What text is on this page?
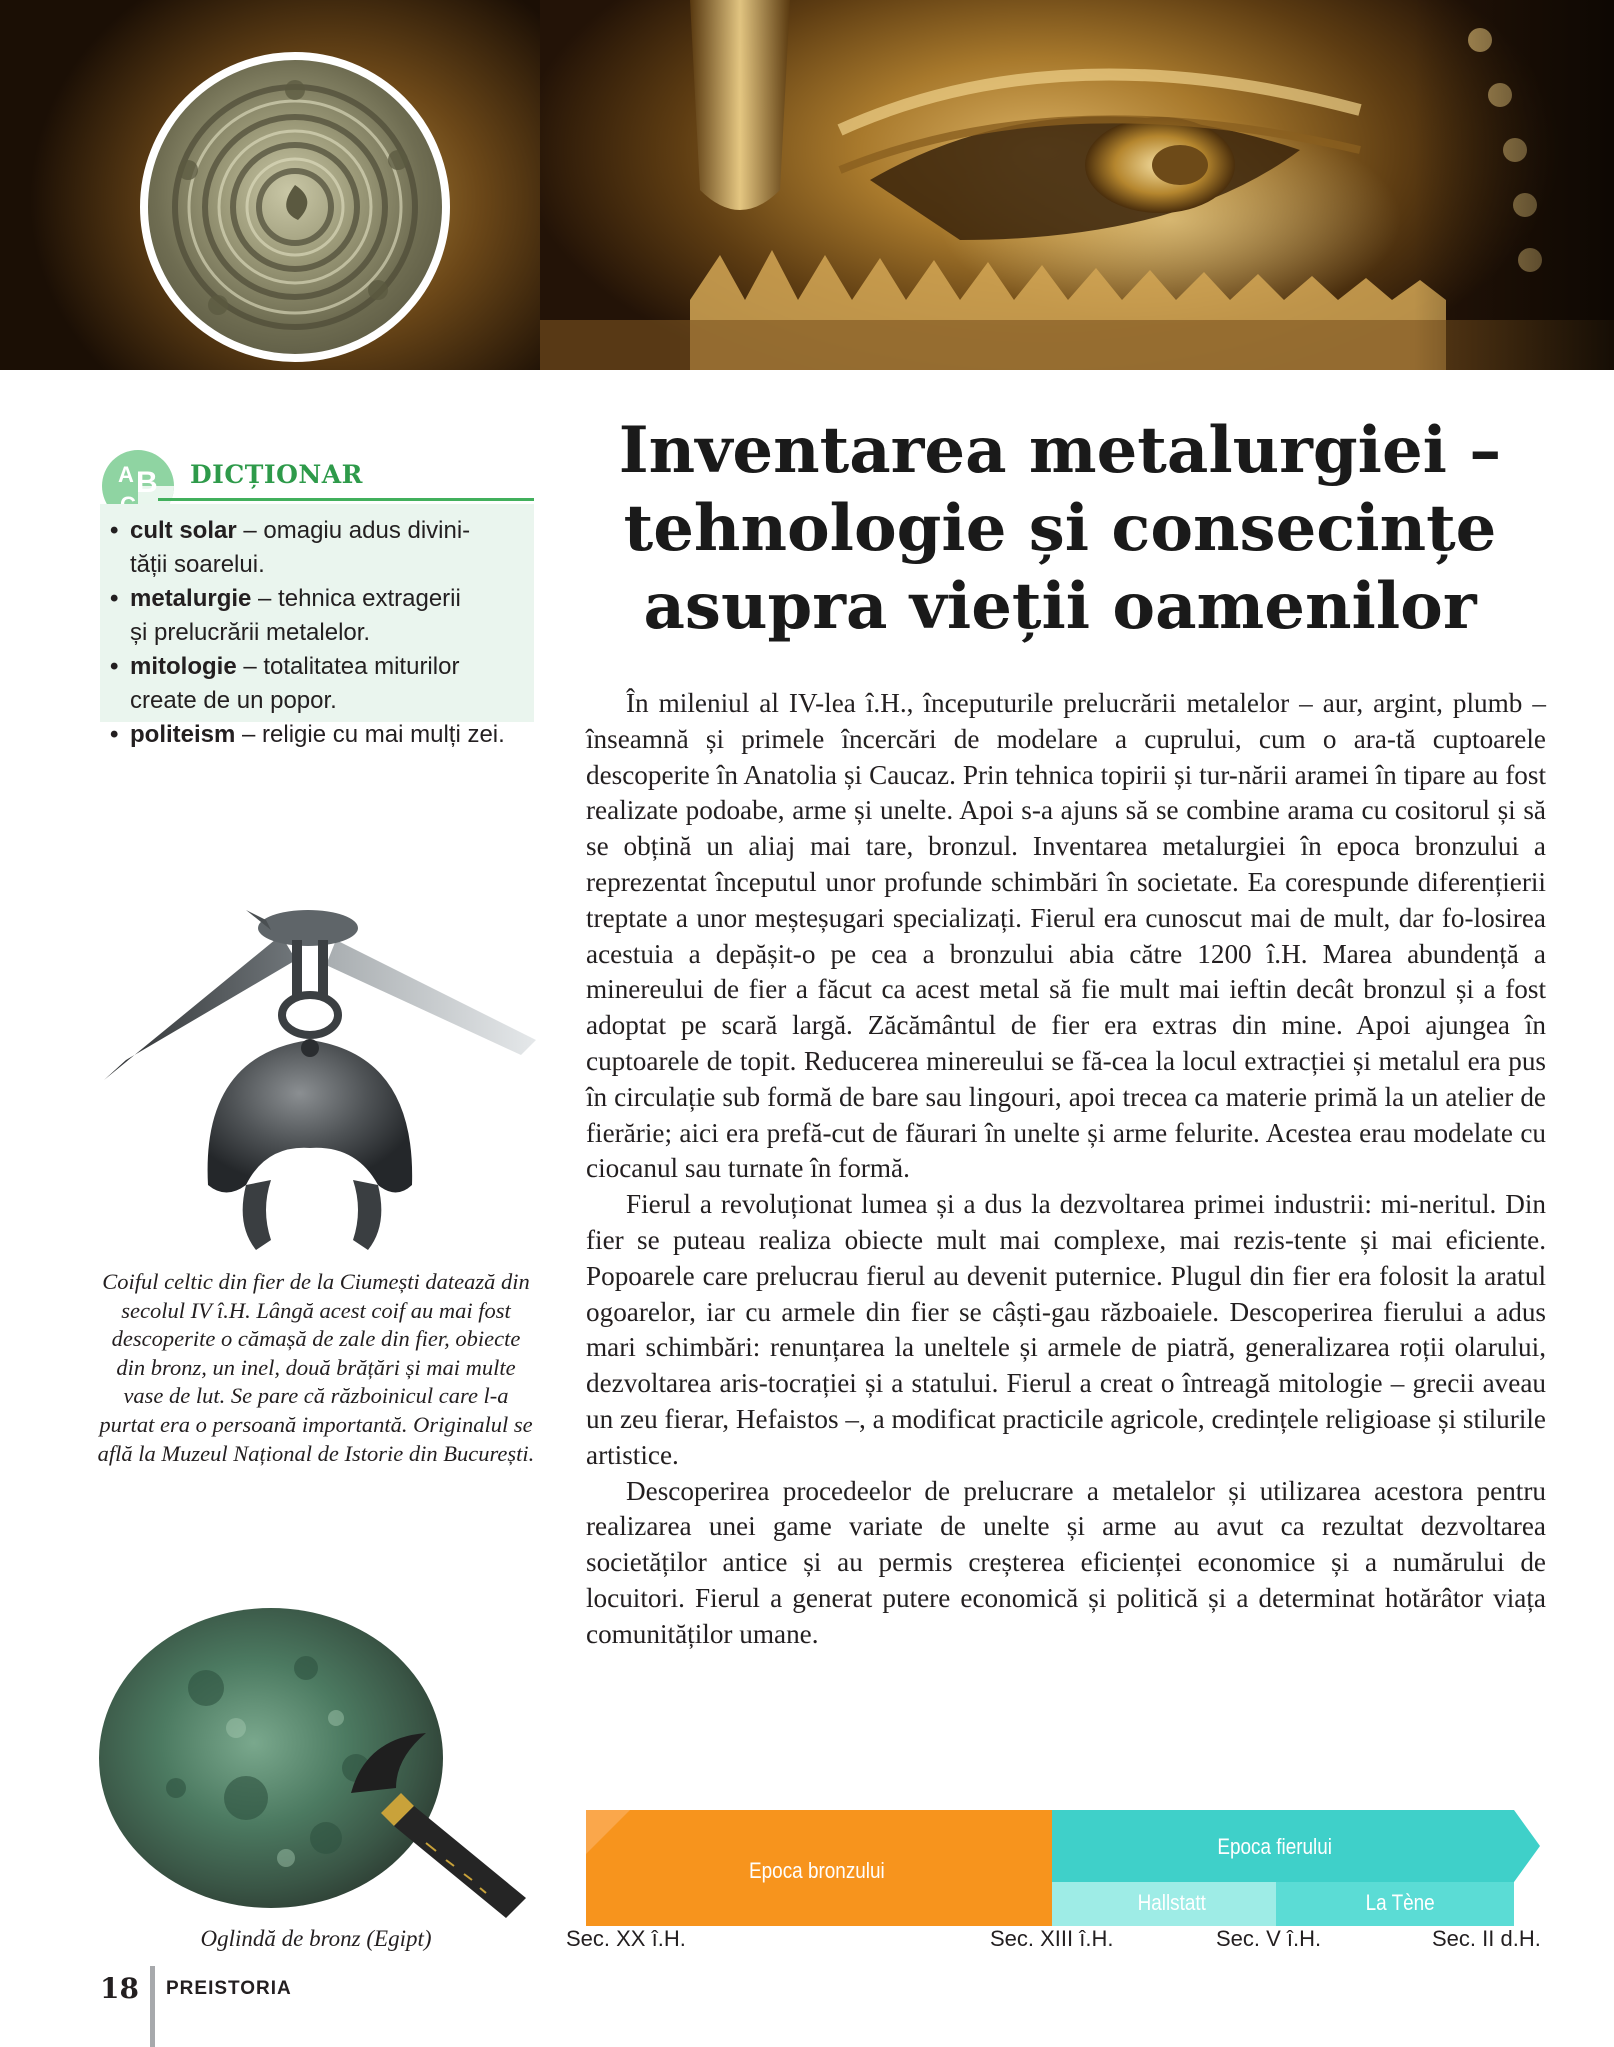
A B DICȚIONAR
• cult solar – omagiu adus divini-
tății soarelui.
• metalurgie – tehnica extragerii
și prelucrării metalelor.
• mitologie – totalitatea miturilor
create de un popor.
• politeism – religie cu mai mulți zei.
Inventarea metalurgiei –
tehnologie și consecințe
asupra vieții oamenilor

În mileniul al IV-lea î.H., începuturile prelucrării metalelor – aur, argint, plumb – înseamnă și primele încercări de modelare a cuprului, cum o ara-tă cuptoarele descoperite în Anatolia și Caucaz. Prin tehnica topirii și tur-nării aramei în tipare au fost realizate podoabe, arme și unelte. Apoi s-a ajuns să se combine arama cu cositorul și să se obțină un aliaj mai tare, bronzul. Inventarea metalurgiei în epoca bronzului a reprezentat începutul unor profunde schimbări în societate. Ea corespunde diferențierii treptate a unor meșteșugari specializați. Fierul era cunoscut mai de mult, dar fo-losirea acestuia a depășit-o pe cea a bronzului abia către 1200 î.H. Marea abundență a minereului de fier a făcut ca acest metal să fie mult mai ieftin decât bronzul și a fost adoptat pe scară largă. Zăcământul de fier era extras din mine. Apoi ajungea în cuptoarele de topit. Reducerea minereului se fă-cea la locul extracției și metalul era pus în circulație sub formă de bare sau lingouri, apoi trecea ca materie primă la un atelier de fierărie; aici era prefă-cut de făurari în unelte și arme felurite. Acestea erau modelate cu ciocanul sau turnate în formă.

Fierul a revoluționat lumea și a dus la dezvoltarea primei industrii: mi-neritul. Din fier se puteau realiza obiecte mult mai complexe, mai rezis-tente și mai eficiente. Popoarele care prelucrau fierul au devenit puternice. Plugul din fier era folosit la aratul ogoarelor, iar cu armele din fier se câști-gau războaiele. Descoperirea fierului a adus mari schimbări: renunțarea la uneltele și armele de piatră, generalizarea roții olarului, dezvoltarea aris-tocrației și a statului. Fierul a creat o întreagă mitologie – grecii aveau un zeu fierar, Hefaistos –, a modificat practicile agricole, credințele religioase și stilurile artistice.

Descoperirea procedeelor de prelucrare a metalelor și utilizarea acestora pentru realizarea unei game variate de unelte și arme au avut ca rezultat dezvoltarea societăților antice și au permis creșterea eficienței economice și a numărului de locuitori. Fierul a generat putere economică și politică și a determinat hotărâtor viața comunităților umane.

Coiful celtic din fier de la Ciumești datează din secolul IV î.H. Lângă acest coif au mai fost descoperite o cămașă de zale din fier, obiecte din bronz, un inel, două brățări și mai multe vase de lut. Se pare că războinicul care l-a purtat era o persoană importantă. Originalul se află la Muzeul Național de Istorie din București.
Oglindă de bronz (Egipt)
Epoca bronzului
Epoca fierului
Hallstatt	La Tène
Sec. XX î.H.	Sec. XIII î.H.	Sec. V î.H.	Sec. II d.H.
18 PREISTORIA
